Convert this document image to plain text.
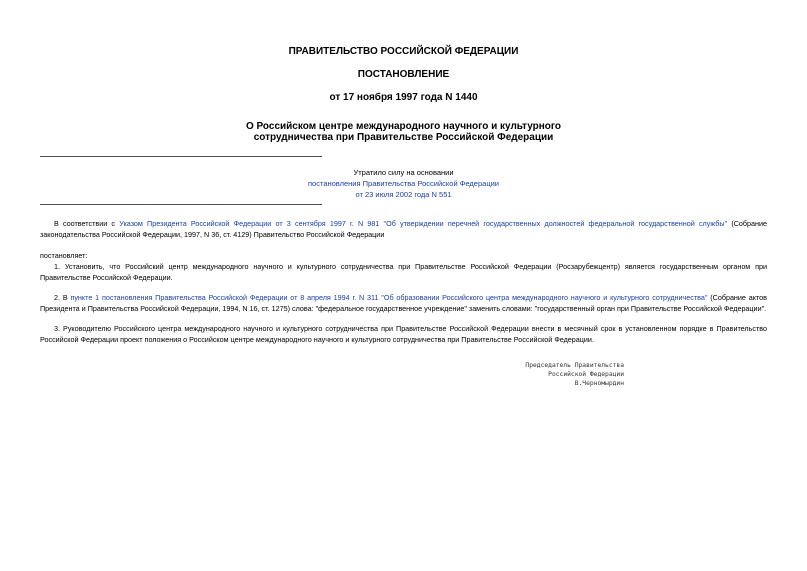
ПРАВИТЕЛЬСТВО РОССИЙСКОЙ ФЕДЕРАЦИИ
ПОСТАНОВЛЕНИЕ
от 17 ноября 1997 года N 1440
О Российском центре международного научного и культурного
сотрудничества при Правительстве Российской Федерации
Утратило силу на основании
постановления Правительства Российской Федерации
от 23 июля 2002 года N 551
В соответствии с Указом Президента Российской Федерации от 3 сентября 1997 г. N 981 "Об утверждении перечней государственных должностей федеральной государственной службы" (Собрание
законодательства Российской Федерации, 1997, N 36, ст. 4129) Правительство Российской Федерации
постановляет:
1. Установить, что Российский центр международного научного и культурного сотрудничества при Правительстве Российской Федерации (Росзарубежцентр) является государственным органом при
Правительстве Российской Федерации.
2. В пункте 1 постановления Правительства Российской Федерации от 8 апреля 1994 г. N 311 "Об образовании Российского центра международного научного и культурного сотрудничества" (Собрание актов
Президента и Правительства Российской Федерации, 1994, N 16, ст. 1275) слова: "федеральное государственное учреждение" заменить словами: "государственный орган при Правительстве Российской Федерации".
3. Руководителю Российского центра международного научного и культурного сотрудничества при Правительстве Российской Федерации внести в месячный срок в установленном порядке в Правительство
Российской Федерации проект положения о Российском центре международного научного и культурного сотрудничества при Правительстве Российской Федерации.
Председатель Правительства
Российской Федерации
В.Черномырдин
